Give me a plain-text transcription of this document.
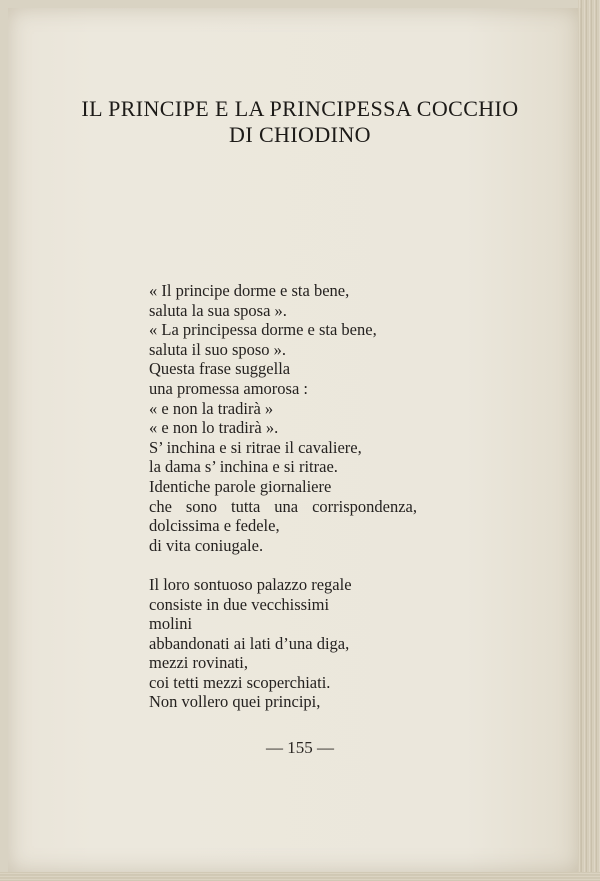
IL PRINCIPE E LA PRINCIPESSA COCCHIO
DI CHIODINO
« Il principe dorme e sta bene,
saluta la sua sposa ».
« La principessa dorme e sta bene,
saluta il suo sposo ».
Questa frase suggella
una promessa amorosa :
« e non la tradirà »
« e non lo tradirà ».
S’ inchina e si ritrae il cavaliere,
la dama s’ inchina e si ritrae.
Identiche parole giornaliere
che sono tutta una corrispondenza,
dolcissima e fedele,
di vita coniugale.
Il loro sontuoso palazzo regale
consiste in due vecchissimi
molini
abbandonati ai lati d’una diga,
mezzi rovinati,
coi tetti mezzi scoperchiati.
Non vollero quei principi,
— 155 —
